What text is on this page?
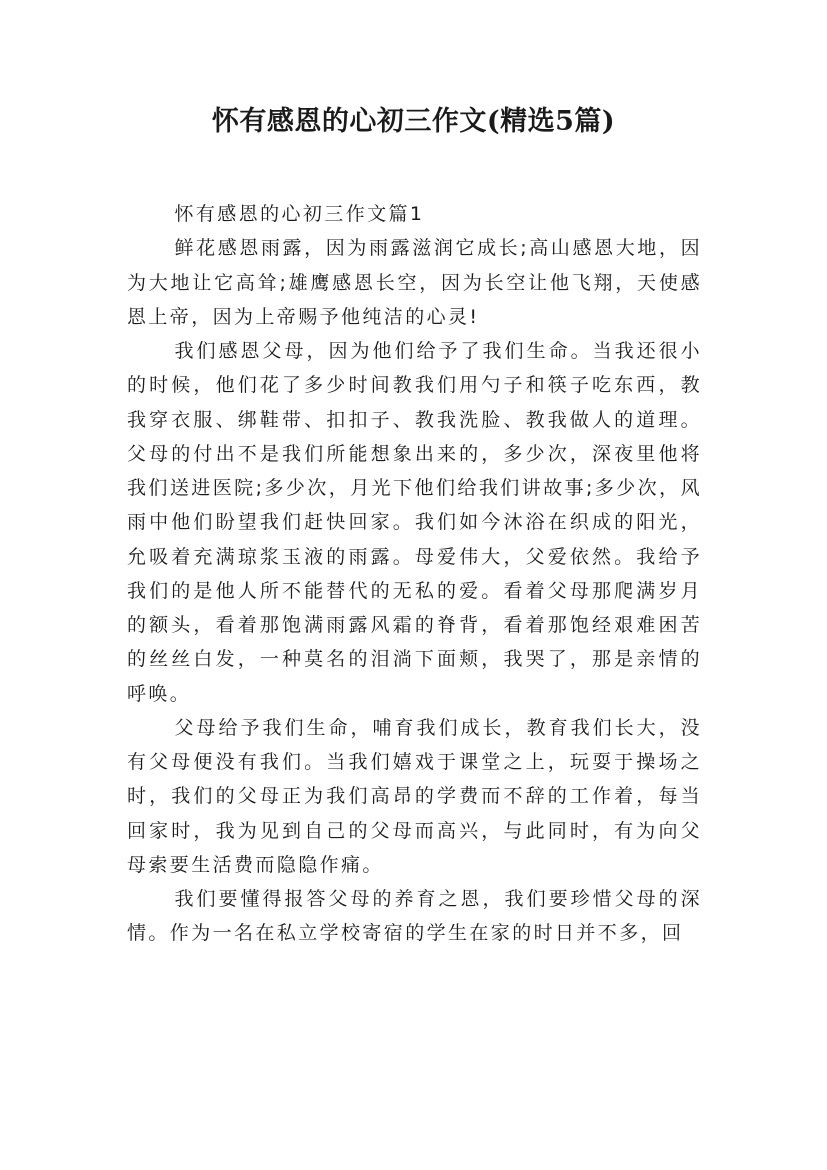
怀有感恩的心初三作文(精选5篇)

怀有感恩的心初三作文篇1

鲜花感恩雨露，因为雨露滋润它成长;高山感恩大地，因为大地让它高耸;雄鹰感恩长空，因为长空让他飞翔，天使感恩上帝，因为上帝赐予他纯洁的心灵!

我们感恩父母，因为他们给予了我们生命。当我还很小的时候，他们花了多少时间教我们用勺子和筷子吃东西，教我穿衣服、绑鞋带、扣扣子、教我洗脸、教我做人的道理。父母的付出不是我们所能想象出来的，多少次，深夜里他将我们送进医院;多少次，月光下他们给我们讲故事;多少次，风雨中他们盼望我们赶快回家。我们如今沐浴在织成的阳光，允吸着充满琼浆玉液的雨露。母爱伟大，父爱依然。我给予我们的是他人所不能替代的无私的爱。看着父母那爬满岁月的额头，看着那饱满雨露风霜的脊背，看着那饱经艰难困苦的丝丝白发，一种莫名的泪淌下面颊，我哭了，那是亲情的呼唤。

父母给予我们生命，哺育我们成长，教育我们长大，没有父母便没有我们。当我们嬉戏于课堂之上，玩耍于操场之时，我们的父母正为我们高昂的学费而不辞的工作着，每当回家时，我为见到自己的父母而高兴，与此同时，有为向父母索要生活费而隐隐作痛。

我们要懂得报答父母的养育之恩，我们要珍惜父母的深情。作为一名在私立学校寄宿的学生在家的时日并不多，回
